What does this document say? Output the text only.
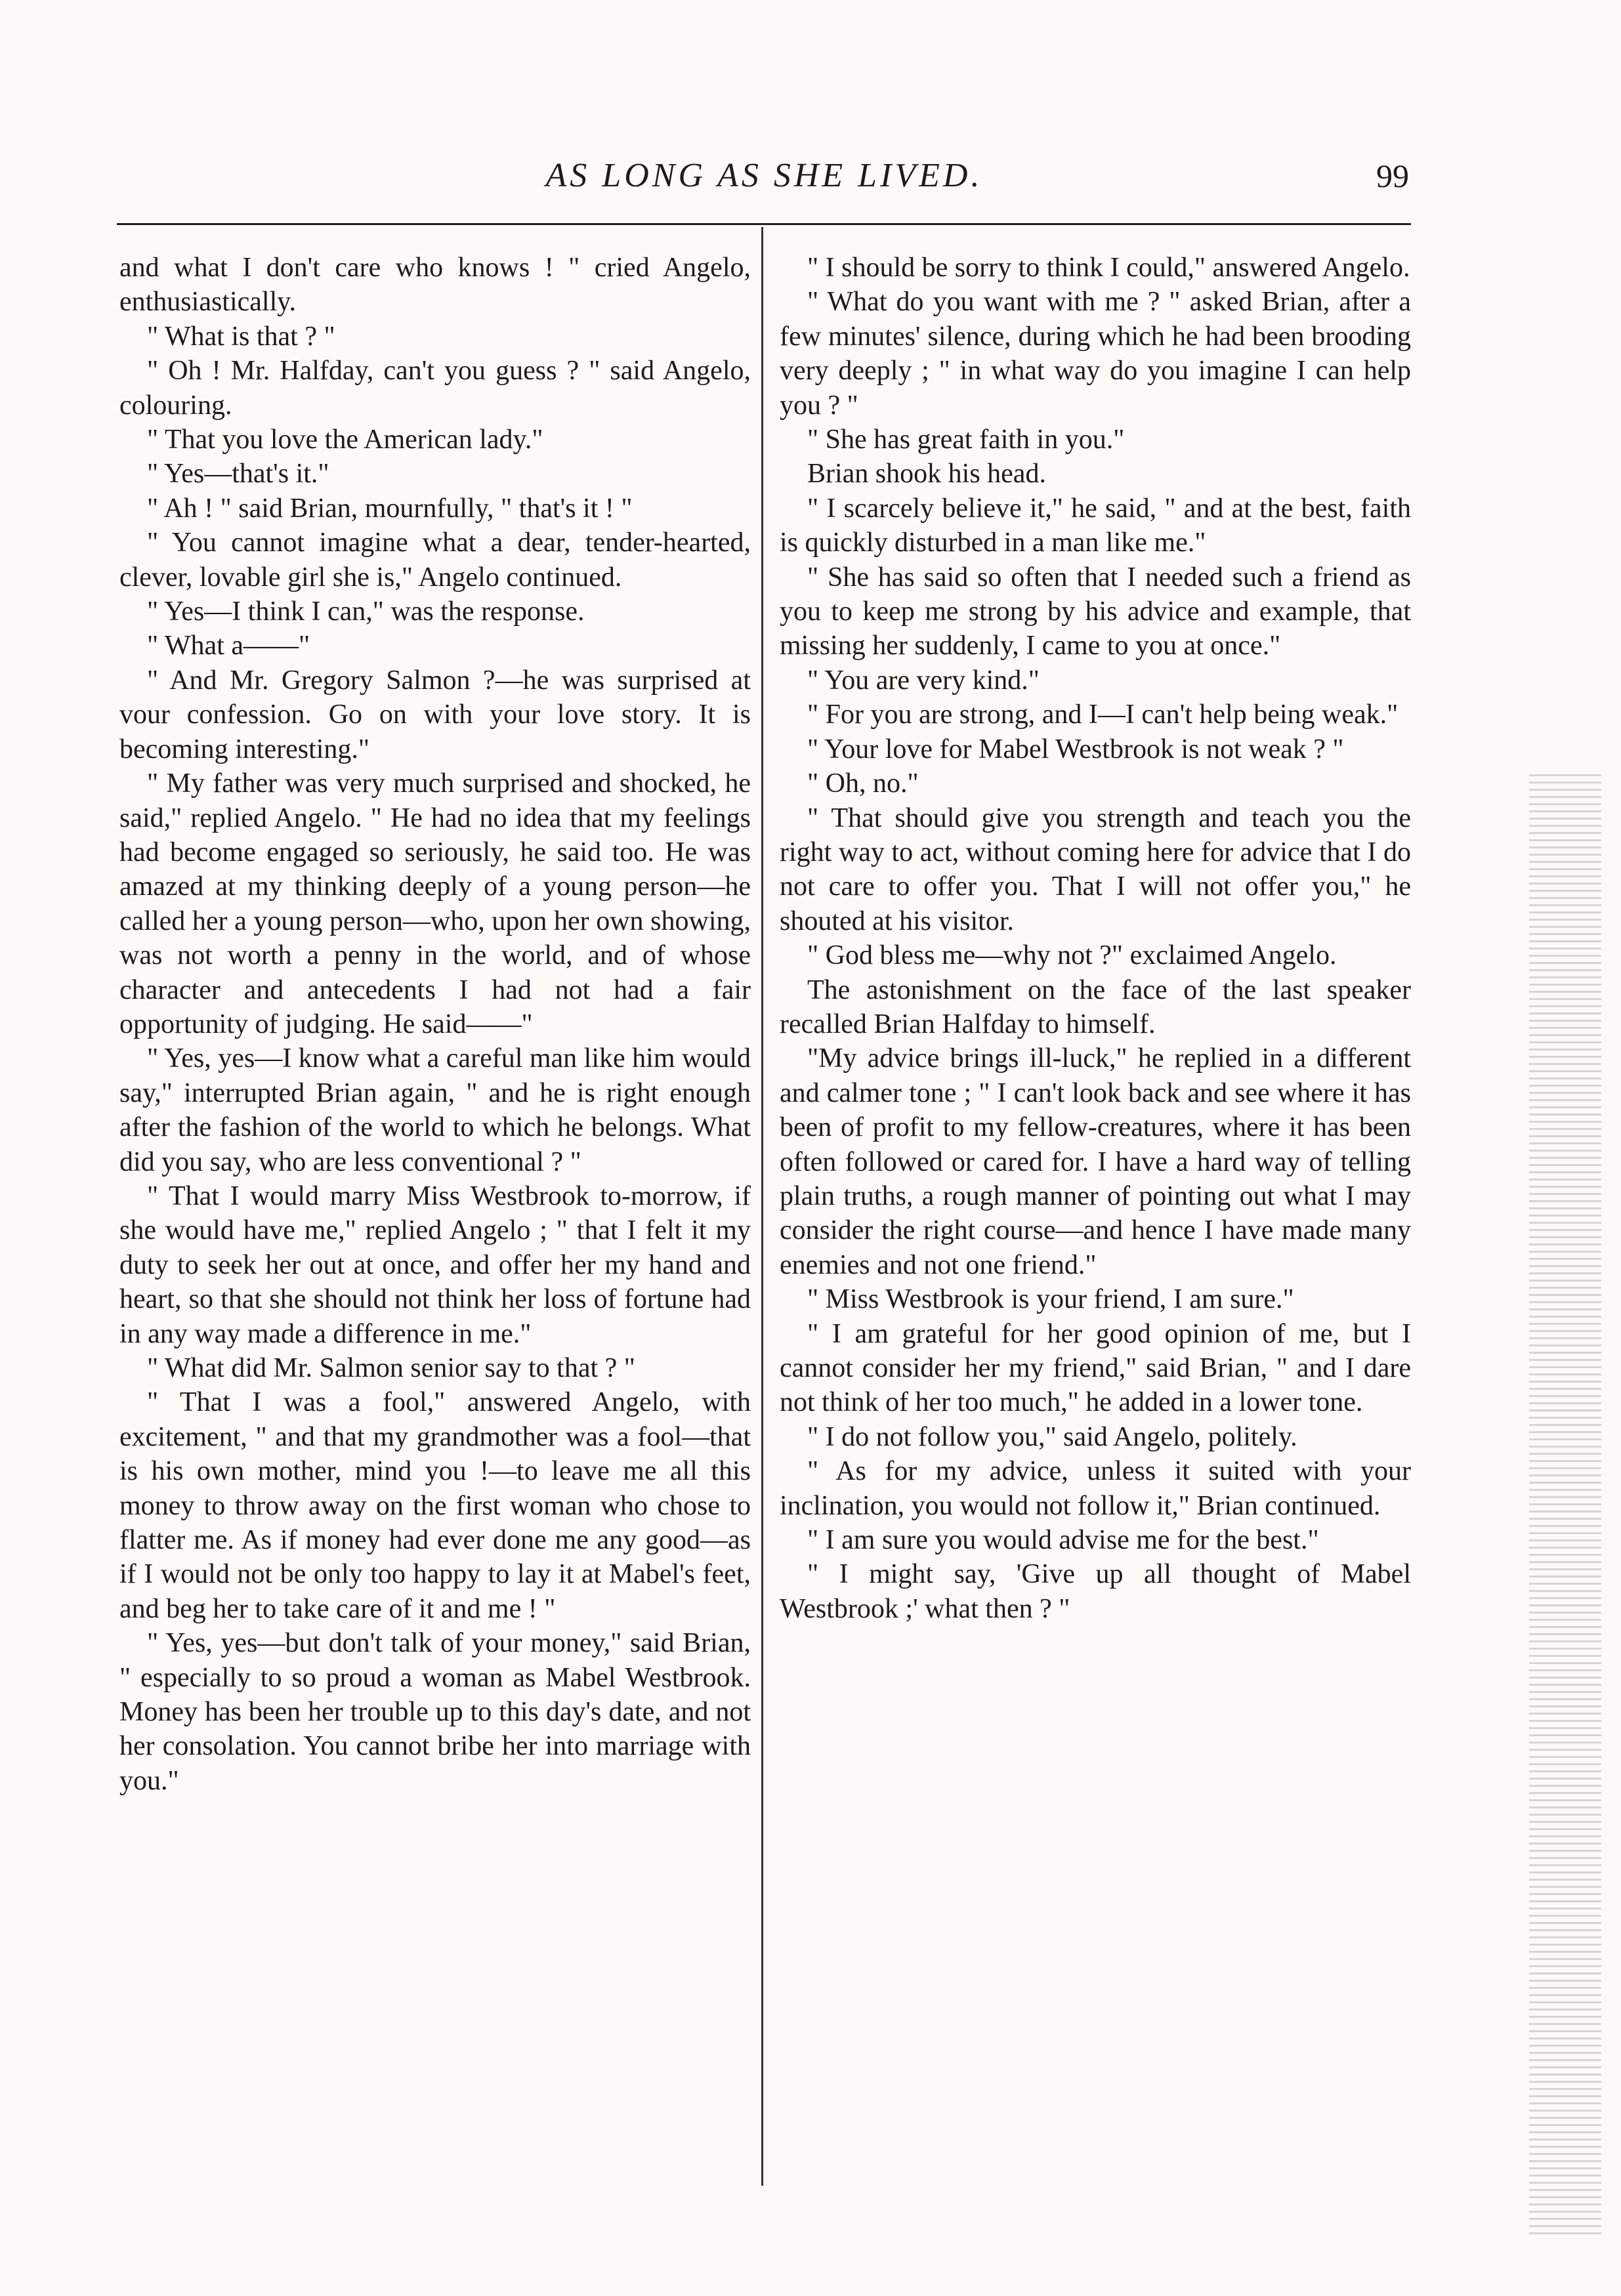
AS LONG AS SHE LIVED.	99

and what I don't care who knows ! " cried Angelo, enthusiastically.

" What is that ? "

" Oh ! Mr. Halfday, can't you guess ? " said Angelo, colouring.

" That you love the American lady."

" Yes—that's it."

" Ah ! " said Brian, mournfully, " that's it ! "

" You cannot imagine what a dear, tender-hearted, clever, lovable girl she is," Angelo continued.

" Yes—I think I can," was the response.

" What a——"

" And Mr. Gregory Salmon ?—he was surprised at vour confession. Go on with your love story. It is becoming interesting."

" My father was very much surprised and shocked, he said," replied Angelo. " He had no idea that my feelings had become engaged so seriously, he said too. He was amazed at my thinking deeply of a young person—he called her a young person—who, upon her own showing, was not worth a penny in the world, and of whose character and antecedents I had not had a fair opportunity of judging. He said——"

" Yes, yes—I know what a careful man like him would say," interrupted Brian again, " and he is right enough after the fashion of the world to which he belongs. What did you say, who are less conventional ? "

" That I would marry Miss Westbrook to-morrow, if she would have me," replied Angelo ; " that I felt it my duty to seek her out at once, and offer her my hand and heart, so that she should not think her loss of fortune had in any way made a difference in me."

" What did Mr. Salmon senior say to that ? "

" That I was a fool," answered Angelo, with excitement, " and that my grandmother was a fool—that is his own mother, mind you !—to leave me all this money to throw away on the first woman who chose to flatter me. As if money had ever done me any good—as if I would not be only too happy to lay it at Mabel's feet, and beg her to take care of it and me ! "

" Yes, yes—but don't talk of your money," said Brian, " especially to so proud a woman as Mabel Westbrook. Money has been her trouble up to this day's date, and not her consolation. You cannot bribe her into marriage with you."

" I should be sorry to think I could," answered Angelo.

" What do you want with me ? " asked Brian, after a few minutes' silence, during which he had been brooding very deeply ; " in what way do you imagine I can help you ? "

" She has great faith in you."

Brian shook his head.

" I scarcely believe it," he said, " and at the best, faith is quickly disturbed in a man like me."

" She has said so often that I needed such a friend as you to keep me strong by his advice and example, that missing her suddenly, I came to you at once."

" You are very kind."

" For you are strong, and I—I can't help being weak."

" Your love for Mabel Westbrook is not weak ? "

" Oh, no."

" That should give you strength and teach you the right way to act, without coming here for advice that I do not care to offer you. That I will not offer you," he shouted at his visitor.

" God bless me—why not ?" exclaimed Angelo.

The astonishment on the face of the last speaker recalled Brian Halfday to himself.

"My advice brings ill-luck," he replied in a different and calmer tone ; " I can't look back and see where it has been of profit to my fellow-creatures, where it has been often followed or cared for. I have a hard way of telling plain truths, a rough manner of pointing out what I may consider the right course—and hence I have made many enemies and not one friend."

" Miss Westbrook is your friend, I am sure."

" I am grateful for her good opinion of me, but I cannot consider her my friend," said Brian, " and I dare not think of her too much," he added in a lower tone.

" I do not follow you," said Angelo, politely.

" As for my advice, unless it suited with your inclination, you would not follow it," Brian continued.

" I am sure you would advise me for the best."

" I might say, 'Give up all thought of Mabel Westbrook ;' what then ? "
